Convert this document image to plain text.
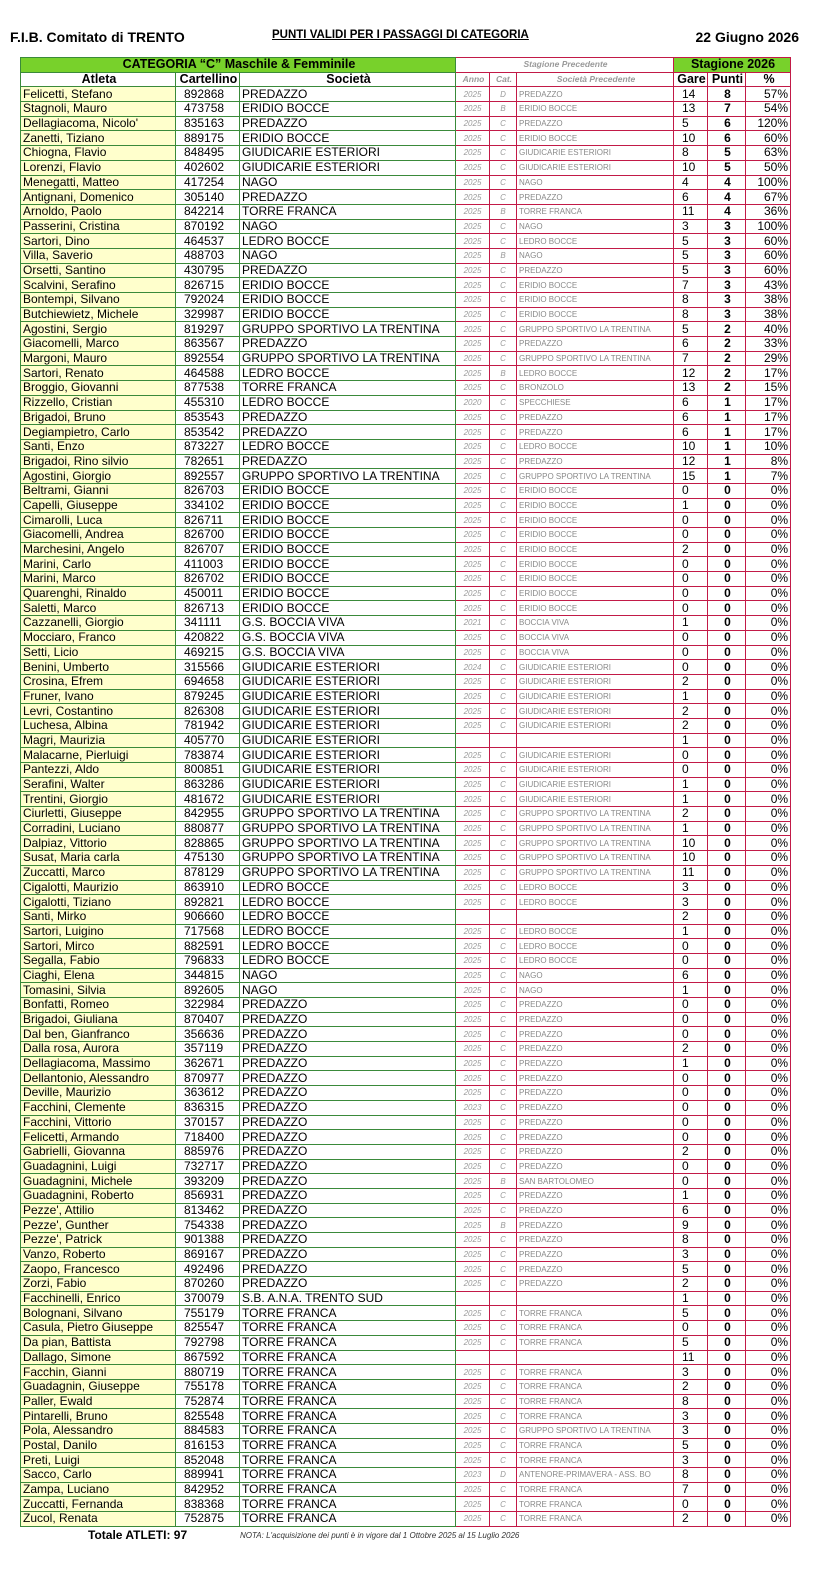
F.I.B. Comitato di TRENTO	PUNTI VALIDI PER I PASSAGGI DI CATEGORIA	22 Giugno 2026
CATEGORIA “C” Maschile & Femminile			Stagione Precedente			Stagione 2026		
Atleta	Cartellino	Società	Anno	Cat.	Società Precedente	Gare	Punti	%
Felicetti, Stefano	892868	PREDAZZO	2025	D	PREDAZZO	14	8	57%
Stagnoli, Mauro	473758	ERIDIO BOCCE	2025	B	ERIDIO BOCCE	13	7	54%
Dellagiacoma, Nicolo'	835163	PREDAZZO	2025	C	PREDAZZO	5	6	120%
Zanetti, Tiziano	889175	ERIDIO BOCCE	2025	C	ERIDIO BOCCE	10	6	60%
Chiogna, Flavio	848495	GIUDICARIE ESTERIORI	2025	C	GIUDICARIE ESTERIORI	8	5	63%
Lorenzi, Flavio	402602	GIUDICARIE ESTERIORI	2025	C	GIUDICARIE ESTERIORI	10	5	50%
Menegatti, Matteo	417254	NAGO	2025	C	NAGO	4	4	100%
Antignani, Domenico	305140	PREDAZZO	2025	C	PREDAZZO	6	4	67%
Arnoldo, Paolo	842214	TORRE FRANCA	2025	B	TORRE FRANCA	11	4	36%
Passerini, Cristina	870192	NAGO	2025	C	NAGO	3	3	100%
Sartori, Dino	464537	LEDRO BOCCE	2025	C	LEDRO BOCCE	5	3	60%
Villa, Saverio	488703	NAGO	2025	B	NAGO	5	3	60%
Orsetti, Santino	430795	PREDAZZO	2025	C	PREDAZZO	5	3	60%
Scalvini, Serafino	826715	ERIDIO BOCCE	2025	C	ERIDIO BOCCE	7	3	43%
Bontempi, Silvano	792024	ERIDIO BOCCE	2025	C	ERIDIO BOCCE	8	3	38%
Butchiewietz, Michele	329987	ERIDIO BOCCE	2025	C	ERIDIO BOCCE	8	3	38%
Agostini, Sergio	819297	GRUPPO SPORTIVO LA TRENTINA	2025	C	GRUPPO SPORTIVO LA TRENTINA	5	2	40%
Giacomelli, Marco	863567	PREDAZZO	2025	C	PREDAZZO	6	2	33%
Margoni, Mauro	892554	GRUPPO SPORTIVO LA TRENTINA	2025	C	GRUPPO SPORTIVO LA TRENTINA	7	2	29%
Sartori, Renato	464588	LEDRO BOCCE	2025	B	LEDRO BOCCE	12	2	17%
Broggio, Giovanni	877538	TORRE FRANCA	2025	C	BRONZOLO	13	2	15%
Rizzello, Cristian	455310	LEDRO BOCCE	2020	C	SPECCHIESE	6	1	17%
Brigadoi, Bruno	853543	PREDAZZO	2025	C	PREDAZZO	6	1	17%
Degiampietro, Carlo	853542	PREDAZZO	2025	C	PREDAZZO	6	1	17%
Santi, Enzo	873227	LEDRO BOCCE	2025	C	LEDRO BOCCE	10	1	10%
Brigadoi, Rino silvio	782651	PREDAZZO	2025	C	PREDAZZO	12	1	8%
Agostini, Giorgio	892557	GRUPPO SPORTIVO LA TRENTINA	2025	C	GRUPPO SPORTIVO LA TRENTINA	15	1	7%
Beltrami, Gianni	826703	ERIDIO BOCCE	2025	C	ERIDIO BOCCE	0	0	0%
Capelli, Giuseppe	334102	ERIDIO BOCCE	2025	C	ERIDIO BOCCE	1	0	0%
Cimarolli, Luca	826711	ERIDIO BOCCE	2025	C	ERIDIO BOCCE	0	0	0%
Giacomelli, Andrea	826700	ERIDIO BOCCE	2025	C	ERIDIO BOCCE	0	0	0%
Marchesini, Angelo	826707	ERIDIO BOCCE	2025	C	ERIDIO BOCCE	2	0	0%
Marini, Carlo	411003	ERIDIO BOCCE	2025	C	ERIDIO BOCCE	0	0	0%
Marini, Marco	826702	ERIDIO BOCCE	2025	C	ERIDIO BOCCE	0	0	0%
Quarenghi, Rinaldo	450011	ERIDIO BOCCE	2025	C	ERIDIO BOCCE	0	0	0%
Saletti, Marco	826713	ERIDIO BOCCE	2025	C	ERIDIO BOCCE	0	0	0%
Cazzanelli, Giorgio	341111	G.S. BOCCIA VIVA	2021	C	BOCCIA VIVA	1	0	0%
Mocciaro, Franco	420822	G.S. BOCCIA VIVA	2025	C	BOCCIA VIVA	0	0	0%
Setti, Licio	469215	G.S. BOCCIA VIVA	2025	C	BOCCIA VIVA	0	0	0%
Benini, Umberto	315566	GIUDICARIE ESTERIORI	2024	C	GIUDICARIE ESTERIORI	0	0	0%
Crosina, Efrem	694658	GIUDICARIE ESTERIORI	2025	C	GIUDICARIE ESTERIORI	2	0	0%
Fruner, Ivano	879245	GIUDICARIE ESTERIORI	2025	C	GIUDICARIE ESTERIORI	1	0	0%
Levri, Costantino	826308	GIUDICARIE ESTERIORI	2025	C	GIUDICARIE ESTERIORI	2	0	0%
Luchesa, Albina	781942	GIUDICARIE ESTERIORI	2025	C	GIUDICARIE ESTERIORI	2	0	0%
Magri, Maurizia	405770	GIUDICARIE ESTERIORI				1	0	0%
Malacarne, Pierluigi	783874	GIUDICARIE ESTERIORI	2025	C	GIUDICARIE ESTERIORI	0	0	0%
Pantezzi, Aldo	800851	GIUDICARIE ESTERIORI	2025	C	GIUDICARIE ESTERIORI	0	0	0%
Serafini, Walter	863286	GIUDICARIE ESTERIORI	2025	C	GIUDICARIE ESTERIORI	1	0	0%
Trentini, Giorgio	481672	GIUDICARIE ESTERIORI	2025	C	GIUDICARIE ESTERIORI	1	0	0%
Ciurletti, Giuseppe	842955	GRUPPO SPORTIVO LA TRENTINA	2025	C	GRUPPO SPORTIVO LA TRENTINA	2	0	0%
Corradini, Luciano	880877	GRUPPO SPORTIVO LA TRENTINA	2025	C	GRUPPO SPORTIVO LA TRENTINA	1	0	0%
Dalpiaz, Vittorio	828865	GRUPPO SPORTIVO LA TRENTINA	2025	C	GRUPPO SPORTIVO LA TRENTINA	10	0	0%
Susat, Maria carla	475130	GRUPPO SPORTIVO LA TRENTINA	2025	C	GRUPPO SPORTIVO LA TRENTINA	10	0	0%
Zuccatti, Marco	878129	GRUPPO SPORTIVO LA TRENTINA	2025	C	GRUPPO SPORTIVO LA TRENTINA	11	0	0%
Cigalotti, Maurizio	863910	LEDRO BOCCE	2025	C	LEDRO BOCCE	3	0	0%
Cigalotti, Tiziano	892821	LEDRO BOCCE	2025	C	LEDRO BOCCE	3	0	0%
Santi, Mirko	906660	LEDRO BOCCE				2	0	0%
Sartori, Luigino	717568	LEDRO BOCCE	2025	C	LEDRO BOCCE	1	0	0%
Sartori, Mirco	882591	LEDRO BOCCE	2025	C	LEDRO BOCCE	0	0	0%
Segalla, Fabio	796833	LEDRO BOCCE	2025	C	LEDRO BOCCE	0	0	0%
Ciaghi, Elena	344815	NAGO	2025	C	NAGO	6	0	0%
Tomasini, Silvia	892605	NAGO	2025	C	NAGO	1	0	0%
Bonfatti, Romeo	322984	PREDAZZO	2025	C	PREDAZZO	0	0	0%
Brigadoi, Giuliana	870407	PREDAZZO	2025	C	PREDAZZO	0	0	0%
Dal ben, Gianfranco	356636	PREDAZZO	2025	C	PREDAZZO	0	0	0%
Dalla rosa, Aurora	357119	PREDAZZO	2025	C	PREDAZZO	2	0	0%
Dellagiacoma, Massimo	362671	PREDAZZO	2025	C	PREDAZZO	1	0	0%
Dellantonio, Alessandro	870977	PREDAZZO	2025	C	PREDAZZO	0	0	0%
Deville, Maurizio	363612	PREDAZZO	2025	C	PREDAZZO	0	0	0%
Facchini, Clemente	836315	PREDAZZO	2023	C	PREDAZZO	0	0	0%
Facchini, Vittorio	370157	PREDAZZO	2025	C	PREDAZZO	0	0	0%
Felicetti, Armando	718400	PREDAZZO	2025	C	PREDAZZO	0	0	0%
Gabrielli, Giovanna	885976	PREDAZZO	2025	C	PREDAZZO	2	0	0%
Guadagnini, Luigi	732717	PREDAZZO	2025	C	PREDAZZO	0	0	0%
Guadagnini, Michele	393209	PREDAZZO	2025	B	SAN BARTOLOMEO	0	0	0%
Guadagnini, Roberto	856931	PREDAZZO	2025	C	PREDAZZO	1	0	0%
Pezze', Attilio	813462	PREDAZZO	2025	C	PREDAZZO	6	0	0%
Pezze', Gunther	754338	PREDAZZO	2025	B	PREDAZZO	9	0	0%
Pezze', Patrick	901388	PREDAZZO	2025	C	PREDAZZO	8	0	0%
Vanzo, Roberto	869167	PREDAZZO	2025	C	PREDAZZO	3	0	0%
Zaopo, Francesco	492496	PREDAZZO	2025	C	PREDAZZO	5	0	0%
Zorzi, Fabio	870260	PREDAZZO	2025	C	PREDAZZO	2	0	0%
Facchinelli, Enrico	370079	S.B. A.N.A. TRENTO SUD				1	0	0%
Bolognani, Silvano	755179	TORRE FRANCA	2025	C	TORRE FRANCA	5	0	0%
Casula, Pietro Giuseppe	825547	TORRE FRANCA	2025	C	TORRE FRANCA	0	0	0%
Da pian, Battista	792798	TORRE FRANCA	2025	C	TORRE FRANCA	5	0	0%
Dallago, Simone	867592	TORRE FRANCA				11	0	0%
Facchin, Gianni	880719	TORRE FRANCA	2025	C	TORRE FRANCA	3	0	0%
Guadagnin, Giuseppe	755178	TORRE FRANCA	2025	C	TORRE FRANCA	2	0	0%
Paller, Ewald	752874	TORRE FRANCA	2025	C	TORRE FRANCA	8	0	0%
Pintarelli, Bruno	825548	TORRE FRANCA	2025	C	TORRE FRANCA	3	0	0%
Pola, Alessandro	884583	TORRE FRANCA	2025	C	GRUPPO SPORTIVO LA TRENTINA	3	0	0%
Postal, Danilo	816153	TORRE FRANCA	2025	C	TORRE FRANCA	5	0	0%
Preti, Luigi	852048	TORRE FRANCA	2025	C	TORRE FRANCA	3	0	0%
Sacco, Carlo	889941	TORRE FRANCA	2023	D	ANTENORE-PRIMAVERA - ASS. BO	8	0	0%
Zampa, Luciano	842952	TORRE FRANCA	2025	C	TORRE FRANCA	7	0	0%
Zuccatti, Fernanda	838368	TORRE FRANCA	2025	C	TORRE FRANCA	0	0	0%
Zucol, Renata	752875	TORRE FRANCA	2025	C	TORRE FRANCA	2	0	0%
Totale ATLETI: 97	NOTA: L'acquisizione dei punti è in vigore dal 1 Ottobre 2025 al 15 Luglio 2026
